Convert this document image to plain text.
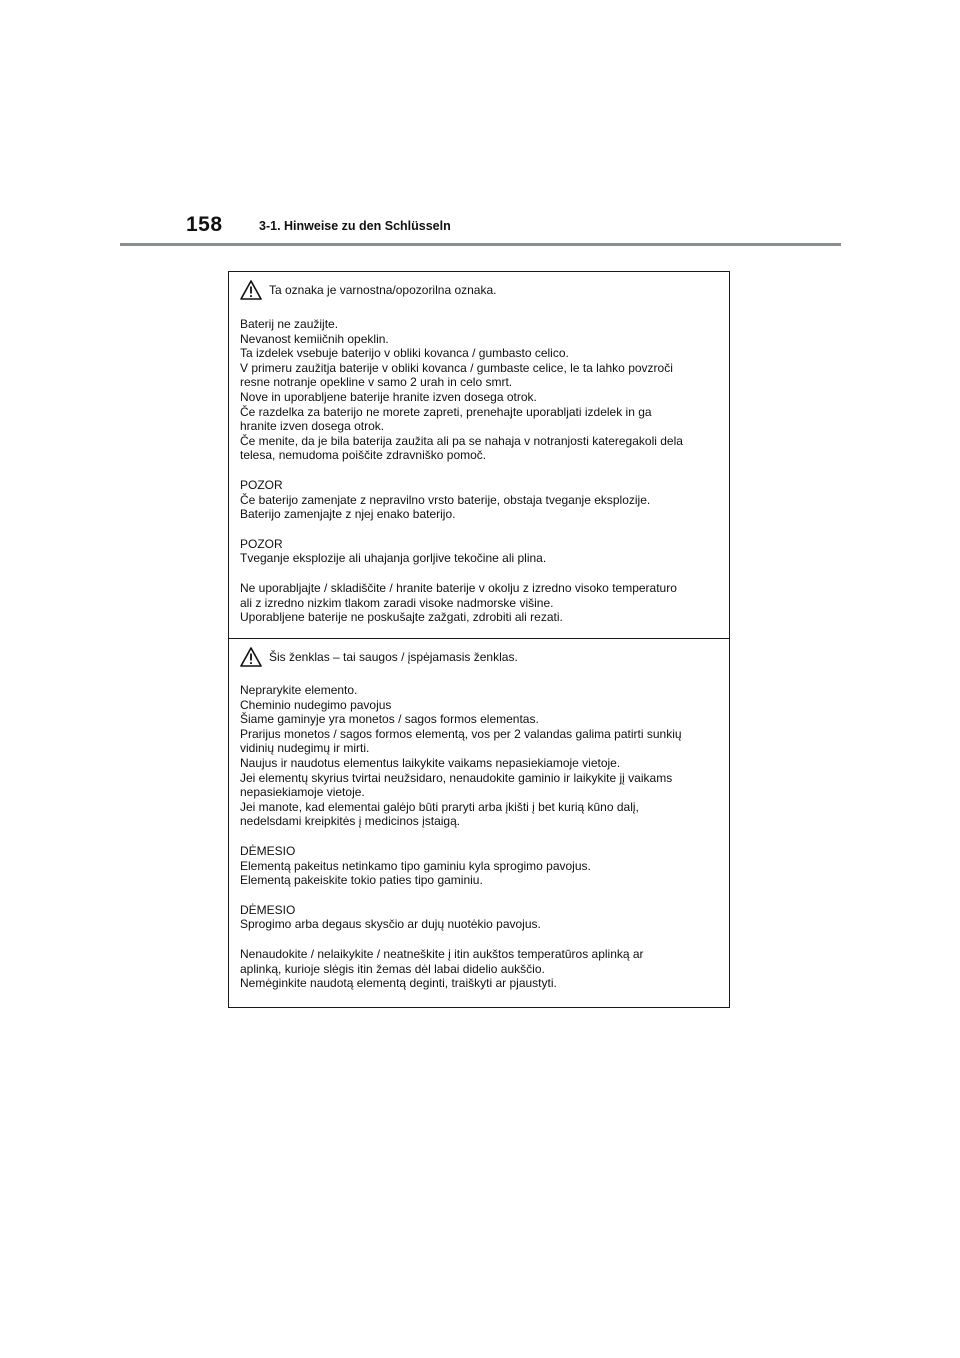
158	3-1. Hinweise zu den Schlüsseln
Ta oznaka je varnostna/opozorilna oznaka.
Baterij ne zaužijte.
Nevanost kemiičnih opeklin.
Ta izdelek vsebuje baterijo v obliki kovanca / gumbasto celico.
V primeru zaužitja baterije v obliki kovanca / gumbaste celice, le ta lahko povzroči
resne notranje opekline v samo 2 urah in celo smrt.
Nove in uporabljene baterije hranite izven dosega otrok.
Če razdelka za baterijo ne morete zapreti, prenehajte uporabljati izdelek in ga
hranite izven dosega otrok.
Če menite, da je bila baterija zaužita ali pa se nahaja v notranjosti kateregakoli dela
telesa, nemudoma poiščite zdravniško pomoč.
POZOR
Če baterijo zamenjate z nepravilno vrsto baterije, obstaja tveganje eksplozije.
Baterijo zamenjajte z njej enako baterijo.
POZOR
Tveganje eksplozije ali uhajanja gorljive tekočine ali plina.
Ne uporabljajte / skladiščite / hranite baterije v okolju z izredno visoko temperaturo
ali z izredno nizkim tlakom zaradi visoke nadmorske višine.
Uporabljene baterije ne poskušajte zažgati, zdrobiti ali rezati.
Šis ženklas – tai saugos / įspėjamasis ženklas.
Neprarykite elemento.
Cheminio nudegimo pavojus
Šiame gaminyje yra monetos / sagos formos elementas.
Prarijus monetos / sagos formos elementą, vos per 2 valandas galima patirti sunkių
vidinių nudegimų ir mirti.
Naujus ir naudotus elementus laikykite vaikams nepasiekiamoje vietoje.
Jei elementų skyrius tvirtai neužsidaro, nenaudokite gaminio ir laikykite jį vaikams
nepasiekiamoje vietoje.
Jei manote, kad elementai galėjo būti praryti arba įkišti į bet kurią kūno dalį,
nedelsdami kreipkitės į medicinos įstaigą.
DĖMESIO
Elementą pakeitus netinkamo tipo gaminiu kyla sprogimo pavojus.
Elementą pakeiskite tokio paties tipo gaminiu.
DĖMESIO
Sprogimo arba degaus skysčio ar dujų nuotėkio pavojus.
Nenaudokite / nelaikykite / neatneškite į itin aukštos temperatūros aplinką ar
aplinką, kurioje slėgis itin žemas dėl labai didelio aukščio.
Nemėginkite naudotą elementą deginti, traiškyti ar pjaustyti.
